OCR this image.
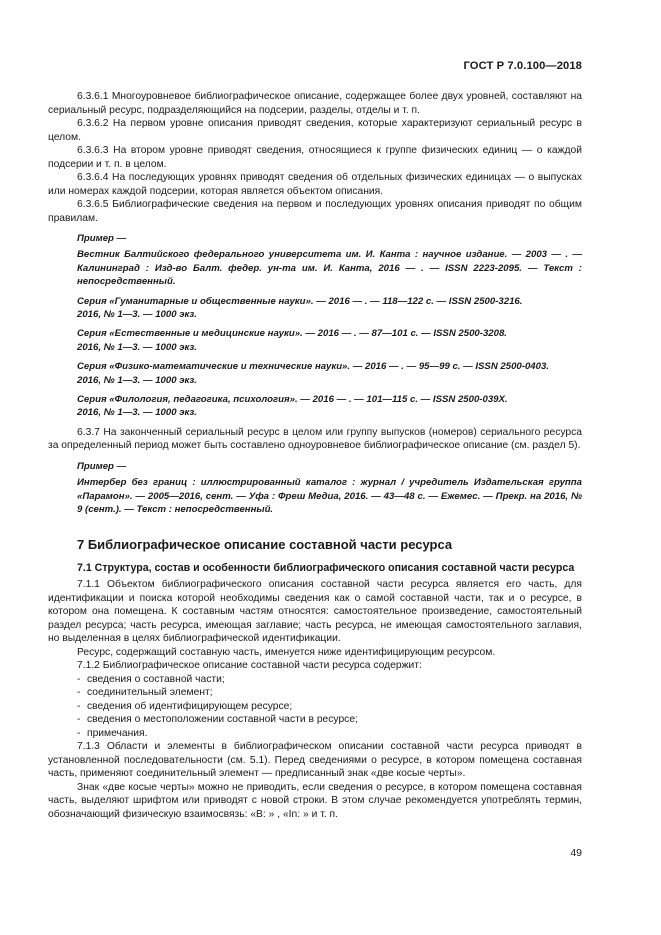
ГОСТ Р 7.0.100—2018

6.3.6.1 Многоуровневое библиографическое описание, содержащее более двух уровней, составляют на сериальный ресурс, подразделяющийся на подсерии, разделы, отделы и т. п.

6.3.6.2 На первом уровне описания приводят сведения, которые характеризуют сериальный ресурс в целом.

6.3.6.3 На втором уровне приводят сведения, относящиеся к группе физических единиц — о каждой подсерии и т. п. в целом.

6.3.6.4 На последующих уровнях приводят сведения об отдельных физических единицах — о выпусках или номерах каждой подсерии, которая является объектом описания.

6.3.6.5 Библиографические сведения на первом и последующих уровнях описания приводят по общим правилам.

Пример —

Вестник Балтийского федерального университета им. И. Канта : научное издание. — 2003 — . — Калининград : Изд-во Балт. федер. ун-та им. И. Канта, 2016 — . — ISSN 2223-2095. — Текст : непосредственный.

Серия «Гуманитарные и общественные науки». — 2016 — . — 118—122 с. — ISSN 2500-3216.

2016, № 1—3. — 1000 экз.

Серия «Естественные и медицинские науки». — 2016 — . — 87—101 с. — ISSN 2500-3208.

2016, № 1—3. — 1000 экз.

Серия «Физико-математические и технические науки». — 2016 — . — 95—99 с. — ISSN 2500-0403.

2016, № 1—3. — 1000 экз.

Серия «Филология, педагогика, психология». — 2016 — . — 101—115 с. — ISSN 2500-039X.

2016, № 1—3. — 1000 экз.

6.3.7 На законченный сериальный ресурс в целом или группу выпусков (номеров) сериального ресурса за определенный период может быть составлено одноуровневое библиографическое описание (см. раздел 5).

Пример —

Интербер без границ : иллюстрированный каталог : журнал / учредитель Издательская группа «Парамон». — 2005—2016, сент. — Уфа : Фреш Медиа, 2016. — 43—48 с. — Ежемес. — Прекр. на 2016, № 9 (сент.). — Текст : непосредственный.

7 Библиографическое описание составной части ресурса
7.1 Структура, состав и особенности библиографического описания составной части ресурса

7.1.1 Объектом библиографического описания составной части ресурса является его часть, для идентификации и поиска которой необходимы сведения как о самой составной части, так и о ресурсе, в котором она помещена. К составным частям относятся: самостоятельное произведение, самостоятельный раздел ресурса; часть ресурса, имеющая заглавие; часть ресурса, не имеющая самостоятельного заглавия, но выделенная в целях библиографической идентификации.

Ресурс, содержащий составную часть, именуется ниже идентифицирующим ресурсом.

7.1.2 Библиографическое описание составной части ресурса содержит:

- сведения о составной части;
- соединительный элемент;
- сведения об идентифицирующем ресурсе;
- сведения о местоположении составной части в ресурсе;
- примечания.

7.1.3 Области и элементы в библиографическом описании составной части ресурса приводят в установленной последовательности (см. 5.1). Перед сведениями о ресурсе, в котором помещена составная часть, применяют соединительный элемент — предписанный знак «две косые черты».

Знак «две косые черты» можно не приводить, если сведения о ресурсе, в котором помещена составная часть, выделяют шрифтом или приводят с новой строки. В этом случае рекомендуется употреблять термин, обозначающий физическую взаимосвязь: «В: » , «In: » и т. п.

49
